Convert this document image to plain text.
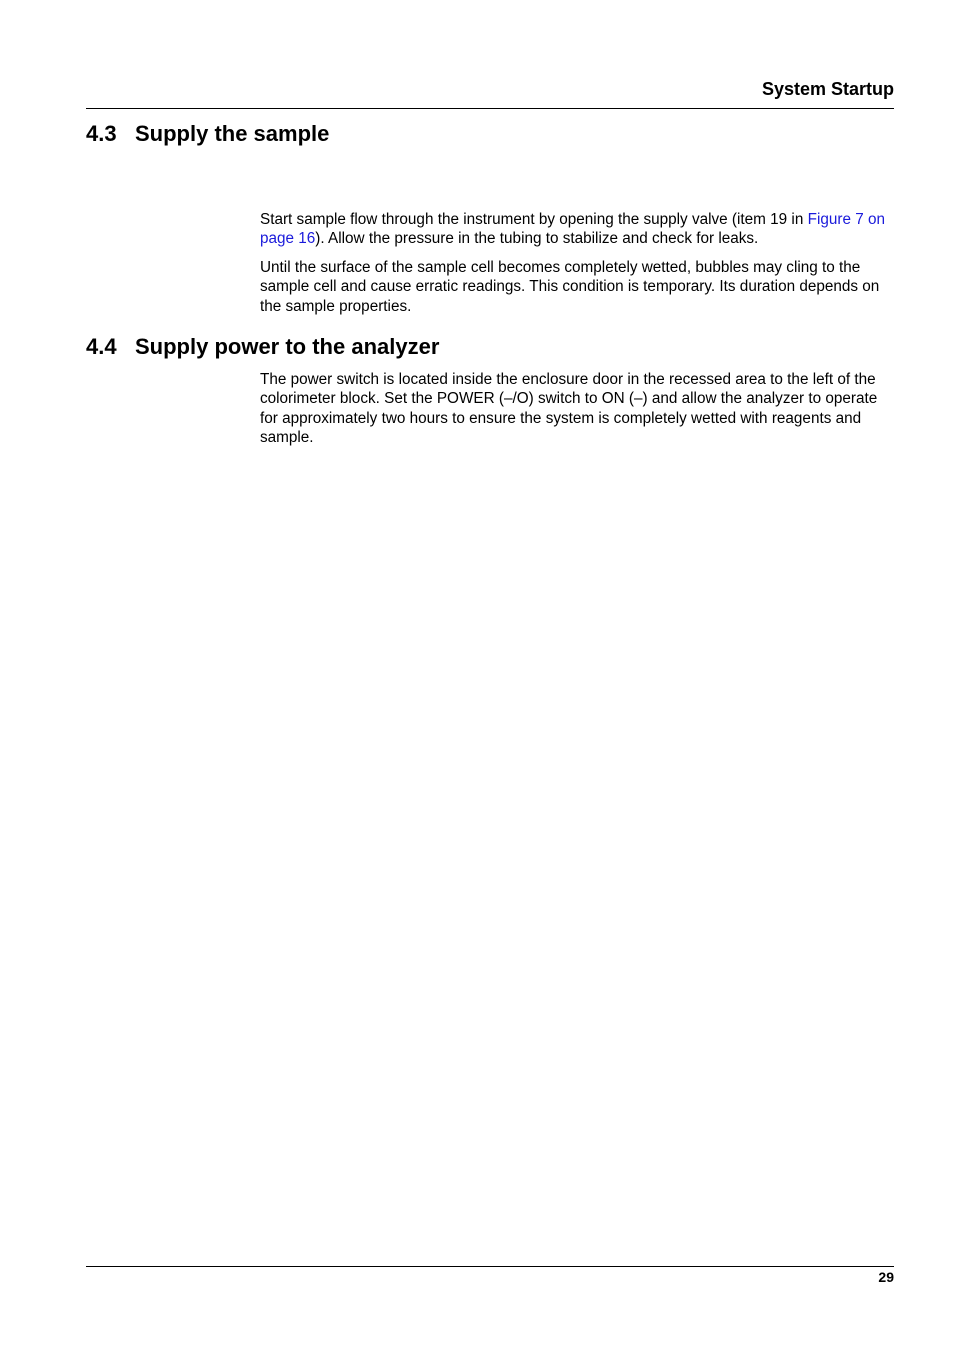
System Startup
4.3 Supply the sample

Start sample flow through the instrument by opening the supply valve (item 19 in Figure 7 on page 16). Allow the pressure in the tubing to stabilize and check for leaks.

Until the surface of the sample cell becomes completely wetted, bubbles may cling to the sample cell and cause erratic readings. This condition is temporary. Its duration depends on the sample properties.

4.4 Supply power to the analyzer

The power switch is located inside the enclosure door in the recessed area to the left of the colorimeter block. Set the POWER (–/O) switch to ON (–) and allow the analyzer to operate for approximately two hours to ensure the system is completely wetted with reagents and sample.

29
